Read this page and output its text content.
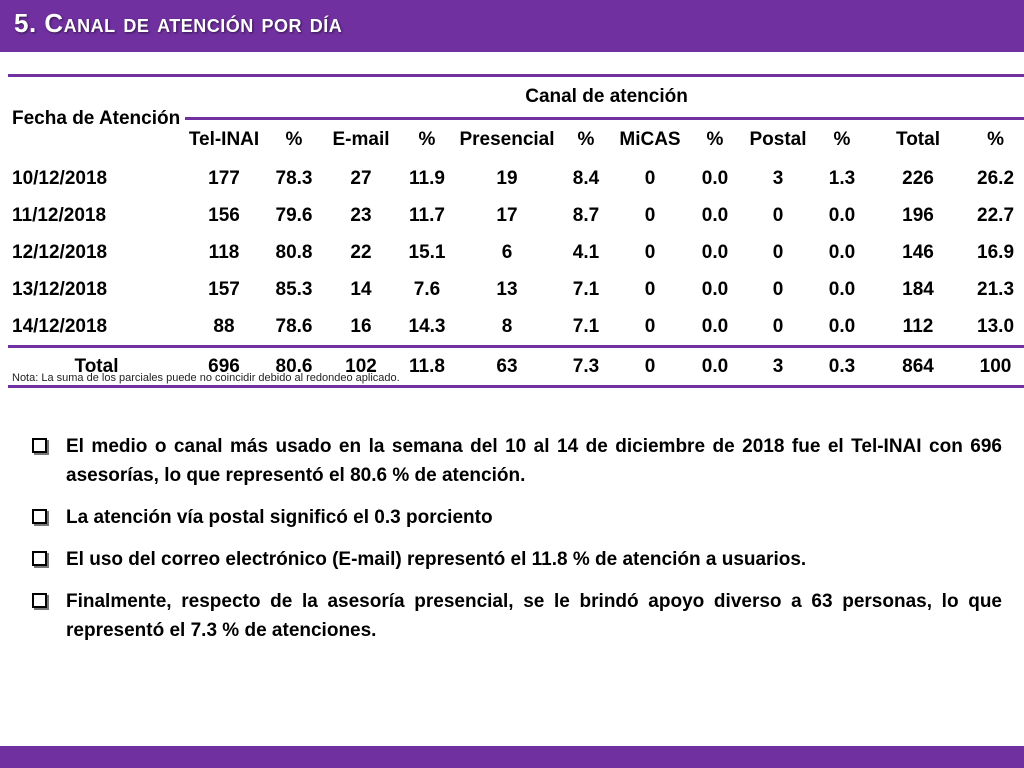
5. Canal de atención por día
Fecha de Atención	Canal de atención											
	Tel-INAI	%	E-mail	%	Presencial	%	MiCAS	%	Postal	%	Total	%
10/12/2018	177	78.3	27	11.9	19	8.4	0	0.0	3	1.3	226	26.2
11/12/2018	156	79.6	23	11.7	17	8.7	0	0.0	0	0.0	196	22.7
12/12/2018	118	80.8	22	15.1	6	4.1	0	0.0	0	0.0	146	16.9
13/12/2018	157	85.3	14	7.6	13	7.1	0	0.0	0	0.0	184	21.3
14/12/2018	88	78.6	16	14.3	8	7.1	0	0.0	0	0.0	112	13.0
Total	696	80.6	102	11.8	63	7.3	0	0.0	3	0.3	864	100
Nota: La suma de los parciales puede no coincidir debido al redondeo aplicado.
El medio o canal más usado en la semana del 10 al 14 de diciembre de 2018 fue el Tel-INAI con 696 asesorías, lo que representó el 80.6 % de atención.
La atención vía postal significó el 0.3 porciento
El uso del correo electrónico (E-mail) representó el 11.8 % de atención a usuarios.
Finalmente, respecto de la asesoría presencial, se le brindó apoyo diverso a 63 personas, lo que representó el 7.3 % de atenciones.
